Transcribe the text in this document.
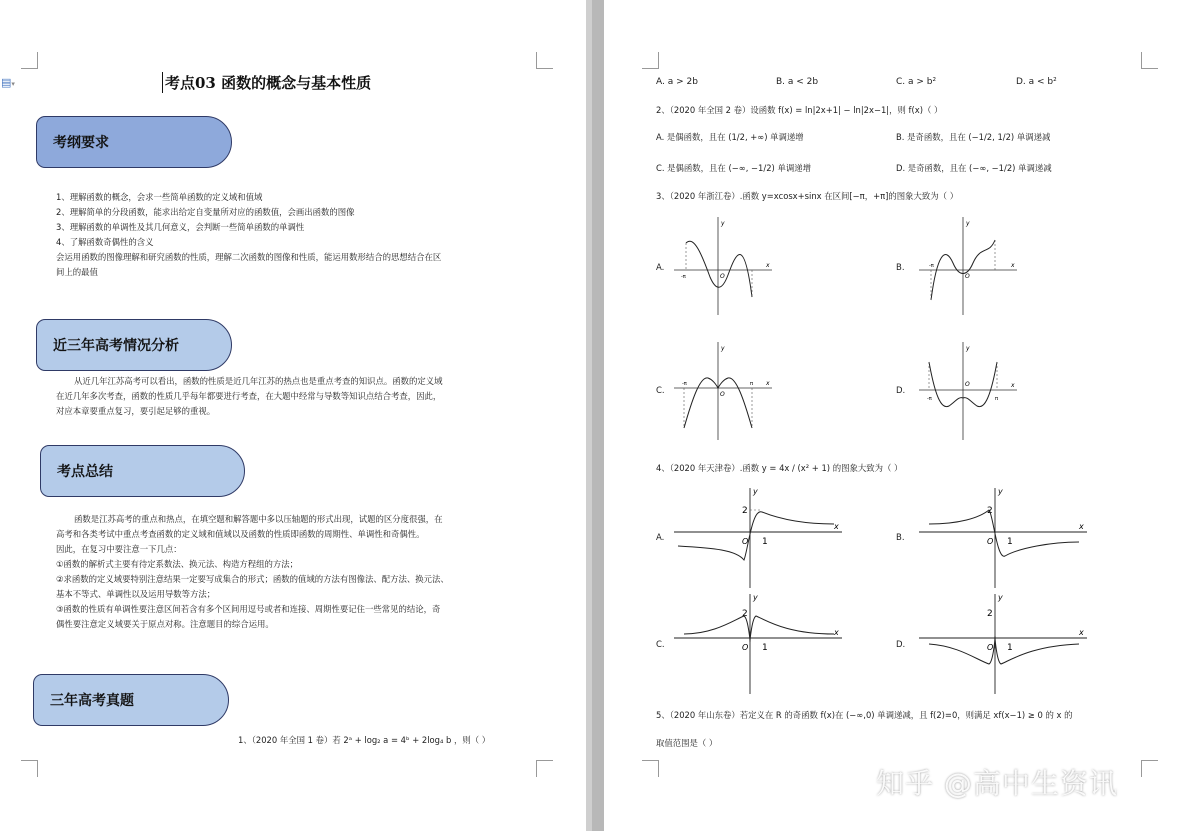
▤▾	考点03 函数的概念与基本性质
考纲要求

1、理解函数的概念，会求一些简单函数的定义域和值域

2、理解简单的分段函数，能求出给定自变量所对应的函数值，会画出函数的图像

3、理解函数的单调性及其几何意义，会判断一些简单函数的单调性

4、了解函数奇偶性的含义

会运用函数的图像理解和研究函数的性质，理解二次函数的图像和性质，能运用数形结合的思想结合在区

间上的最值

近三年高考情况分析

从近几年江苏高考可以看出，函数的性质是近几年江苏的热点也是重点考查的知识点。函数的定义域

在近几年多次考查，函数的性质几乎每年都要进行考查，在大题中经常与导数等知识点结合考查，因此，

对应本章要重点复习，要引起足够的重视。

考点总结

函数是江苏高考的重点和热点，在填空题和解答题中多以压轴题的形式出现，试题的区分度很强，在

高考和各类考试中重点考查函数的定义域和值域以及函数的性质即函数的周期性、单调性和奇偶性。

因此，在复习中要注意一下几点：

①函数的解析式主要有待定系数法、换元法、构造方程组的方法；

②求函数的定义域要特别注意结果一定要写成集合的形式；函数的值域的方法有图像法、配方法、换元法、

基本不等式、单调性以及运用导数等方法；

③函数的性质有单调性要注意区间若含有多个区间用逗号或者和连接、周期性要记住一些常见的结论，奇

偶性要注意定义域要关于原点对称。注意题目的综合运用。

三年高考真题
1、（2020 年全国 1 卷）若 2ᵃ + log₂ a = 4ᵇ + 2log₄ b ，则（ ）
A. a > 2b	B. a < 2b	C. a > b²	D. a < b²
2、（2020 年全国 2 卷）设函数 f(x) = ln|2x+1| − ln|2x−1|，则 f(x)（ ）
A. 是偶函数，且在 (1/2, +∞) 单调递增	B. 是奇函数，且在 (−1/2, 1/2) 单调递减
C. 是偶函数，且在 (−∞, −1/2) 单调递增	D. 是奇函数，且在 (−∞, −1/2) 单调递减
3、（2020 年浙江卷）.函数 y=xcosx+sinx 在区间[−π，+π]的图象大致为（ ）
A.
y
x
O
-π
B.
y
x
O
-π
C.
y
x
O
-π	π
D.
y
x
O
-π	π
4、（2020 年天津卷）.函数 y = 4x / (x² + 1) 的图象大致为（ ）
A.
y
x
O
2
1	B.
y
x
O
2
1
C.
y
x
O
2
1	D.
y
x
O
2
1
5、（2020 年山东卷）若定义在 R 的奇函数 f(x)在 (−∞,0) 单调递减，且 f(2)=0，则满足 xf(x−1) ≥ 0 的 x 的
取值范围是（ ）
知乎 @高中生资讯
